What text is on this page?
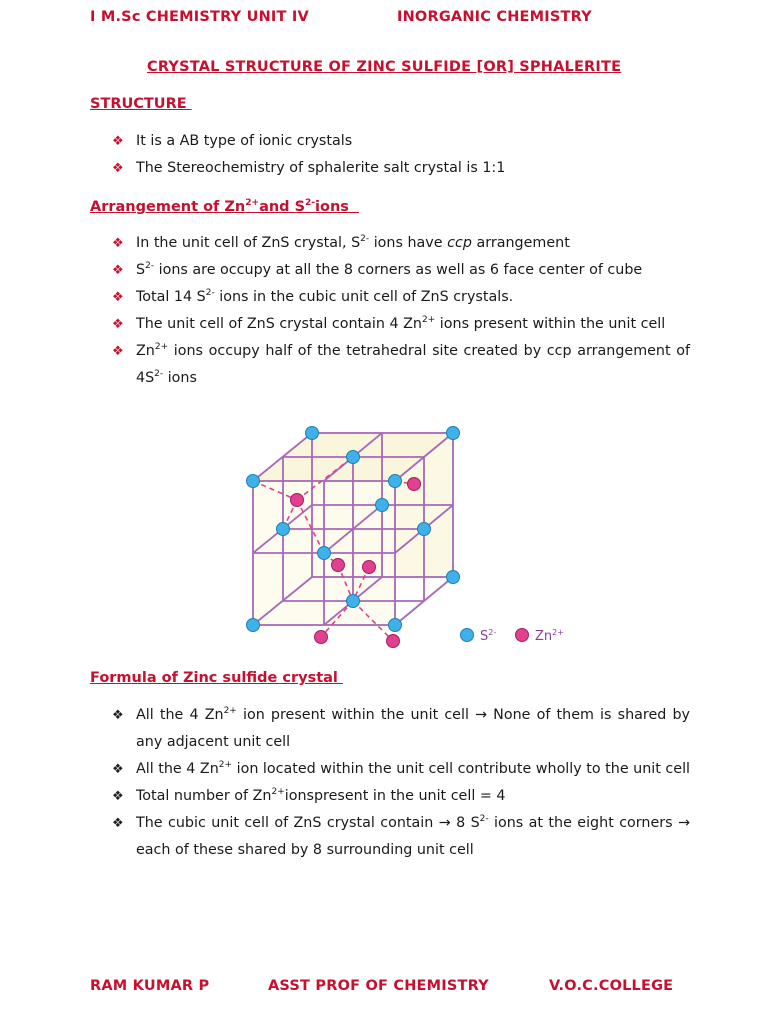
I M.Sc CHEMISTRY UNIT IV	INORGANIC CHEMISTRY
CRYSTAL STRUCTURE OF ZINC SULFIDE [OR] SPHALERITE
STRUCTURE
❖ It is a AB type of ionic crystals
❖ The Stereochemistry of sphalerite salt crystal is 1:1
Arrangement of $Zn^{2+}and$ $S^{2-}ions$
❖ In the unit cell of ZnS crystal, $S^{2-}$ ions have ccp arrangement
❖ $S^{2-}$ ions are occupy at all the 8 corners as well as 6 face center of cube
❖ Total 14 $S^{2-}$ ions in the cubic unit cell of ZnS crystals.
❖ The unit cell of ZnS crystal contain 4 $Zn^{2+}$ ions present within the unit cell
❖ $Zn^{2+}$ ions occupy half of the tetrahedral site created by ccp arrangement of $4S^{2-}$ ions
$S^{2-}$	$Zn^{2+}$
Formula of Zinc sulfide crystal
❖ All the 4 $Zn^{2+}$ ion present within the unit cell → None of them is shared by any adjacent unit cell
❖ All the 4 $Zn^{2+}$ ion located within the unit cell contribute wholly to the unit cell
❖ Total number of $Zn^{2+}ionspresent$ in the unit cell = 4
❖ The cubic unit cell of ZnS crystal contain → 8 $S^{2-}$ ions at the eight corners → each of these shared by 8 surrounding unit cell
RAM KUMAR P	ASST PROF OF CHEMISTRY	V.O.C.COLLEGE
